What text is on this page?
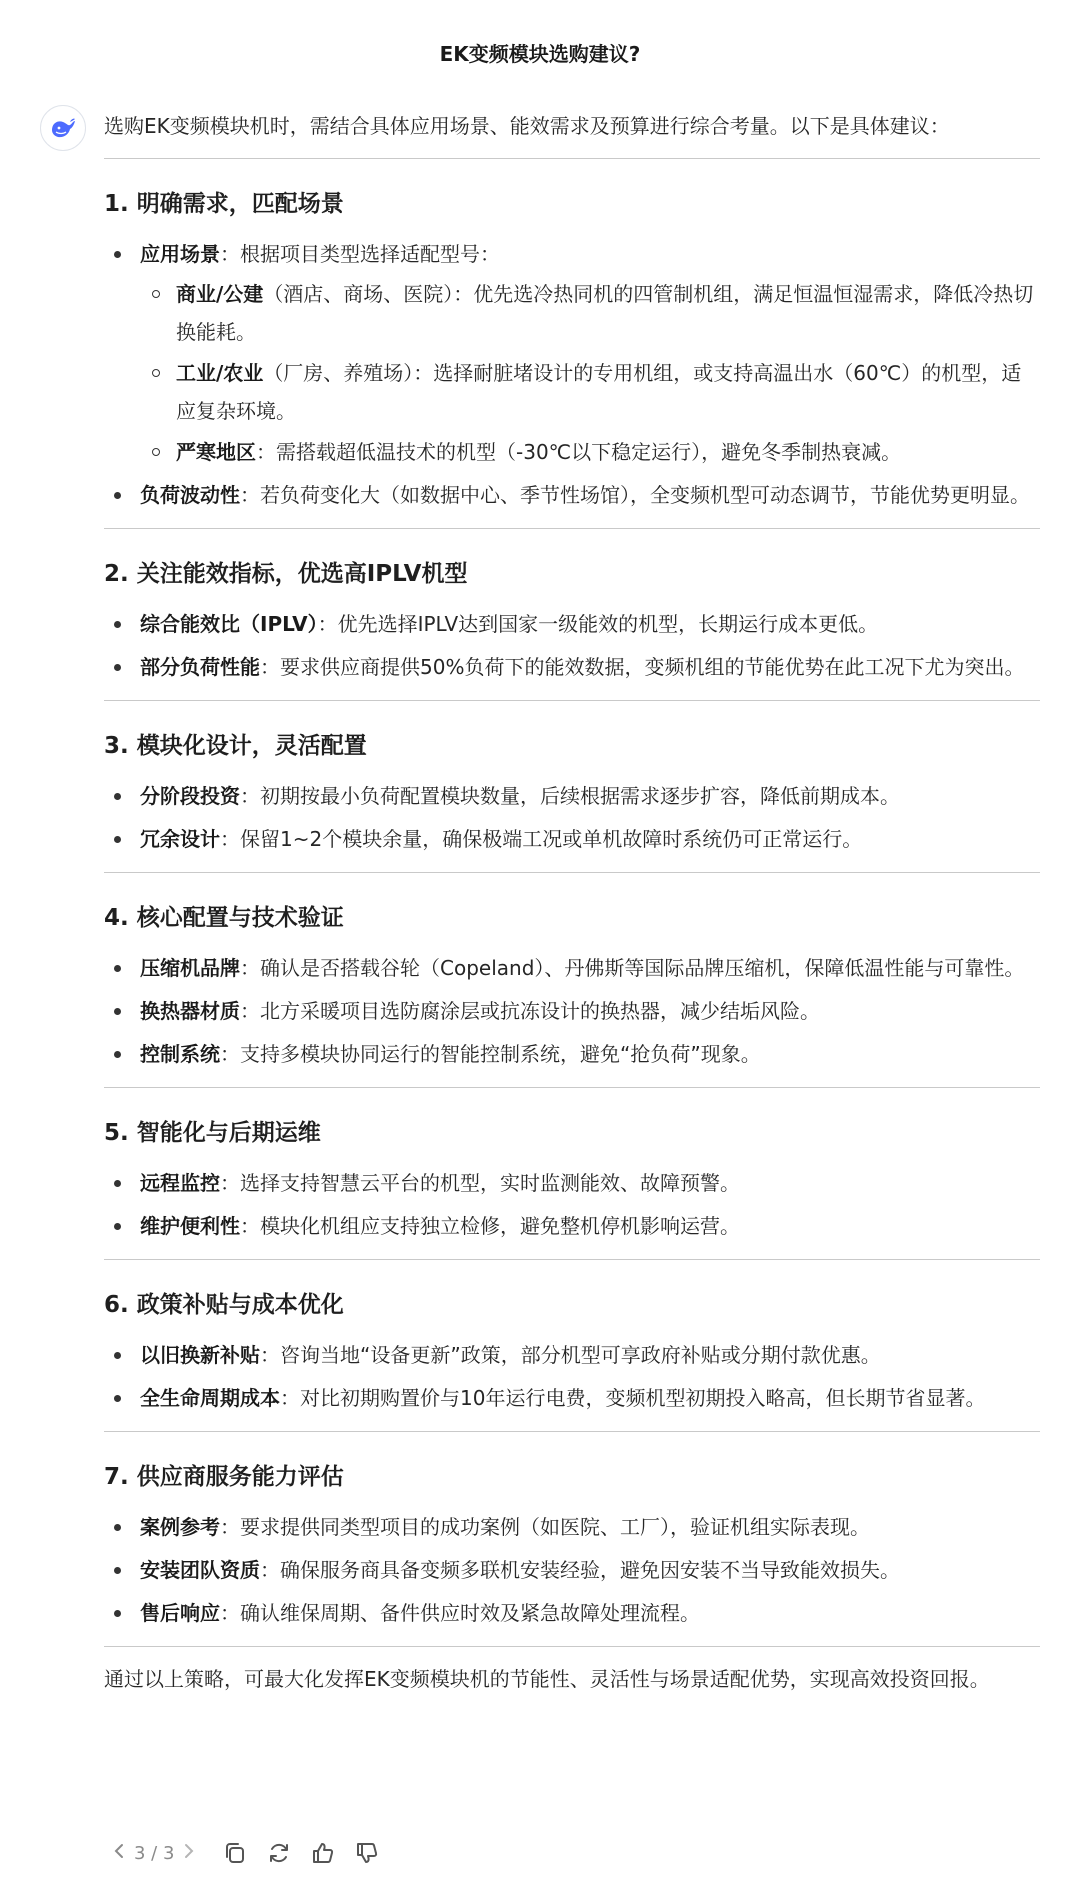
EK变频模块选购建议?
选购EK变频模块机时，需结合具体应用场景、能效需求及预算进行综合考量。以下是具体建议：
1. 明确需求，匹配场景
应用场景：根据项目类型选择适配型号：
商业/公建（酒店、商场、医院）：优先选冷热同机的四管制机组，满足恒温恒湿需求，降低冷热切换能耗。
工业/农业（厂房、养殖场）：选择耐脏堵设计的专用机组，或支持高温出水（60℃）的机型，适应复杂环境。
严寒地区：需搭载超低温技术的机型（-30℃以下稳定运行），避免冬季制热衰减。
负荷波动性：若负荷变化大（如数据中心、季节性场馆），全变频机型可动态调节，节能优势更明显。
2. 关注能效指标，优选高IPLV机型
综合能效比（IPLV）：优先选择IPLV达到国家一级能效的机型，长期运行成本更低。
部分负荷性能：要求供应商提供50%负荷下的能效数据，变频机组的节能优势在此工况下尤为突出。
3. 模块化设计，灵活配置
分阶段投资：初期按最小负荷配置模块数量，后续根据需求逐步扩容，降低前期成本。
冗余设计：保留1~2个模块余量，确保极端工况或单机故障时系统仍可正常运行。
4. 核心配置与技术验证
压缩机品牌：确认是否搭载谷轮（Copeland）、丹佛斯等国际品牌压缩机，保障低温性能与可靠性。
换热器材质：北方采暖项目选防腐涂层或抗冻设计的换热器，减少结垢风险。
控制系统：支持多模块协同运行的智能控制系统，避免“抢负荷”现象。
5. 智能化与后期运维
远程监控：选择支持智慧云平台的机型，实时监测能效、故障预警。
维护便利性：模块化机组应支持独立检修，避免整机停机影响运营。
6. 政策补贴与成本优化
以旧换新补贴：咨询当地“设备更新”政策，部分机型可享政府补贴或分期付款优惠。
全生命周期成本：对比初期购置价与10年运行电费，变频机型初期投入略高，但长期节省显著。
7. 供应商服务能力评估
案例参考：要求提供同类型项目的成功案例（如医院、工厂），验证机组实际表现。
安装团队资质：确保服务商具备变频多联机安装经验，避免因安装不当导致能效损失。
售后响应：确认维保周期、备件供应时效及紧急故障处理流程。
通过以上策略，可最大化发挥EK变频模块机的节能性、灵活性与场景适配优势，实现高效投资回报。
3 / 3
